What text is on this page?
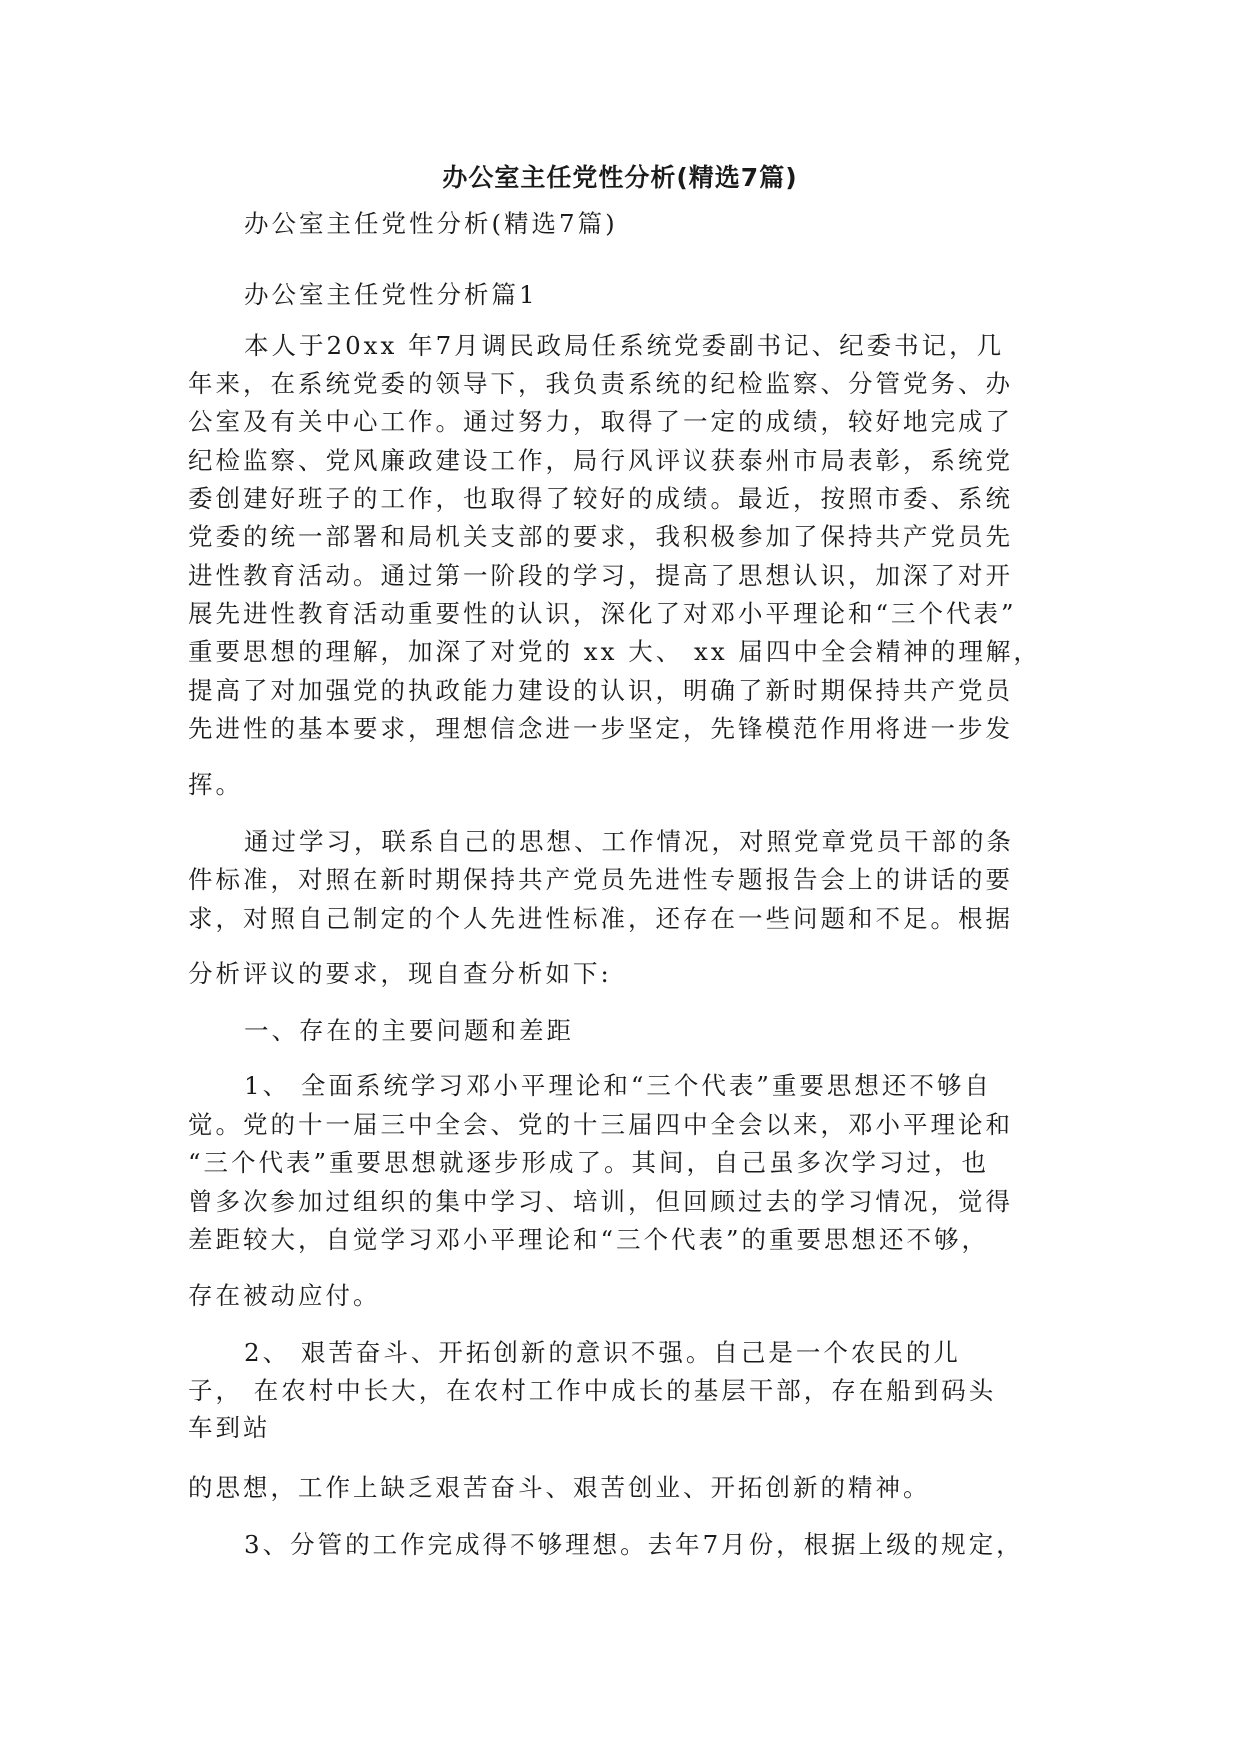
办公室主任党性分析(精选7篇)
办公室主任党性分析(精选7篇)
办公室主任党性分析篇1
本人于20xx 年7月调民政局任系统党委副书记、纪委书记，几
年来，在系统党委的领导下，我负责系统的纪检监察、分管党务、办
公室及有关中心工作。通过努力，取得了一定的成绩，较好地完成了
纪检监察、党风廉政建设工作，局行风评议获泰州市局表彰，系统党
委创建好班子的工作，也取得了较好的成绩。最近，按照市委、系统
党委的统一部署和局机关支部的要求，我积极参加了保持共产党员先
进性教育活动。通过第一阶段的学习，提高了思想认识，加深了对开
展先进性教育活动重要性的认识，深化了对邓小平理论和“三个代表”
重要思想的理解，加深了对党的 xx 大、 xx 届四中全会精神的理解，
提高了对加强党的执政能力建设的认识，明确了新时期保持共产党员
先进性的基本要求，理想信念进一步坚定，先锋模范作用将进一步发
挥。
通过学习，联系自己的思想、工作情况，对照党章党员干部的条
件标准，对照在新时期保持共产党员先进性专题报告会上的讲话的要
求，对照自己制定的个人先进性标准，还存在一些问题和不足。根据
分析评议的要求，现自查分析如下:
一、存在的主要问题和差距
1、 全面系统学习邓小平理论和“三个代表”重要思想还不够自
觉。党的十一届三中全会、党的十三届四中全会以来，邓小平理论和
“三个代表”重要思想就逐步形成了。其间，自己虽多次学习过，也
曾多次参加过组织的集中学习、培训，但回顾过去的学习情况，觉得
差距较大，自觉学习邓小平理论和“三个代表”的重要思想还不够，
存在被动应付。
2、 艰苦奋斗、开拓创新的意识不强。自己是一个农民的儿
子， 在农村中长大，在农村工作中成长的基层干部，存在船到码头
车到站
的思想，工作上缺乏艰苦奋斗、艰苦创业、开拓创新的精神。
3、分管的工作完成得不够理想。去年7月份，根据上级的规定，
